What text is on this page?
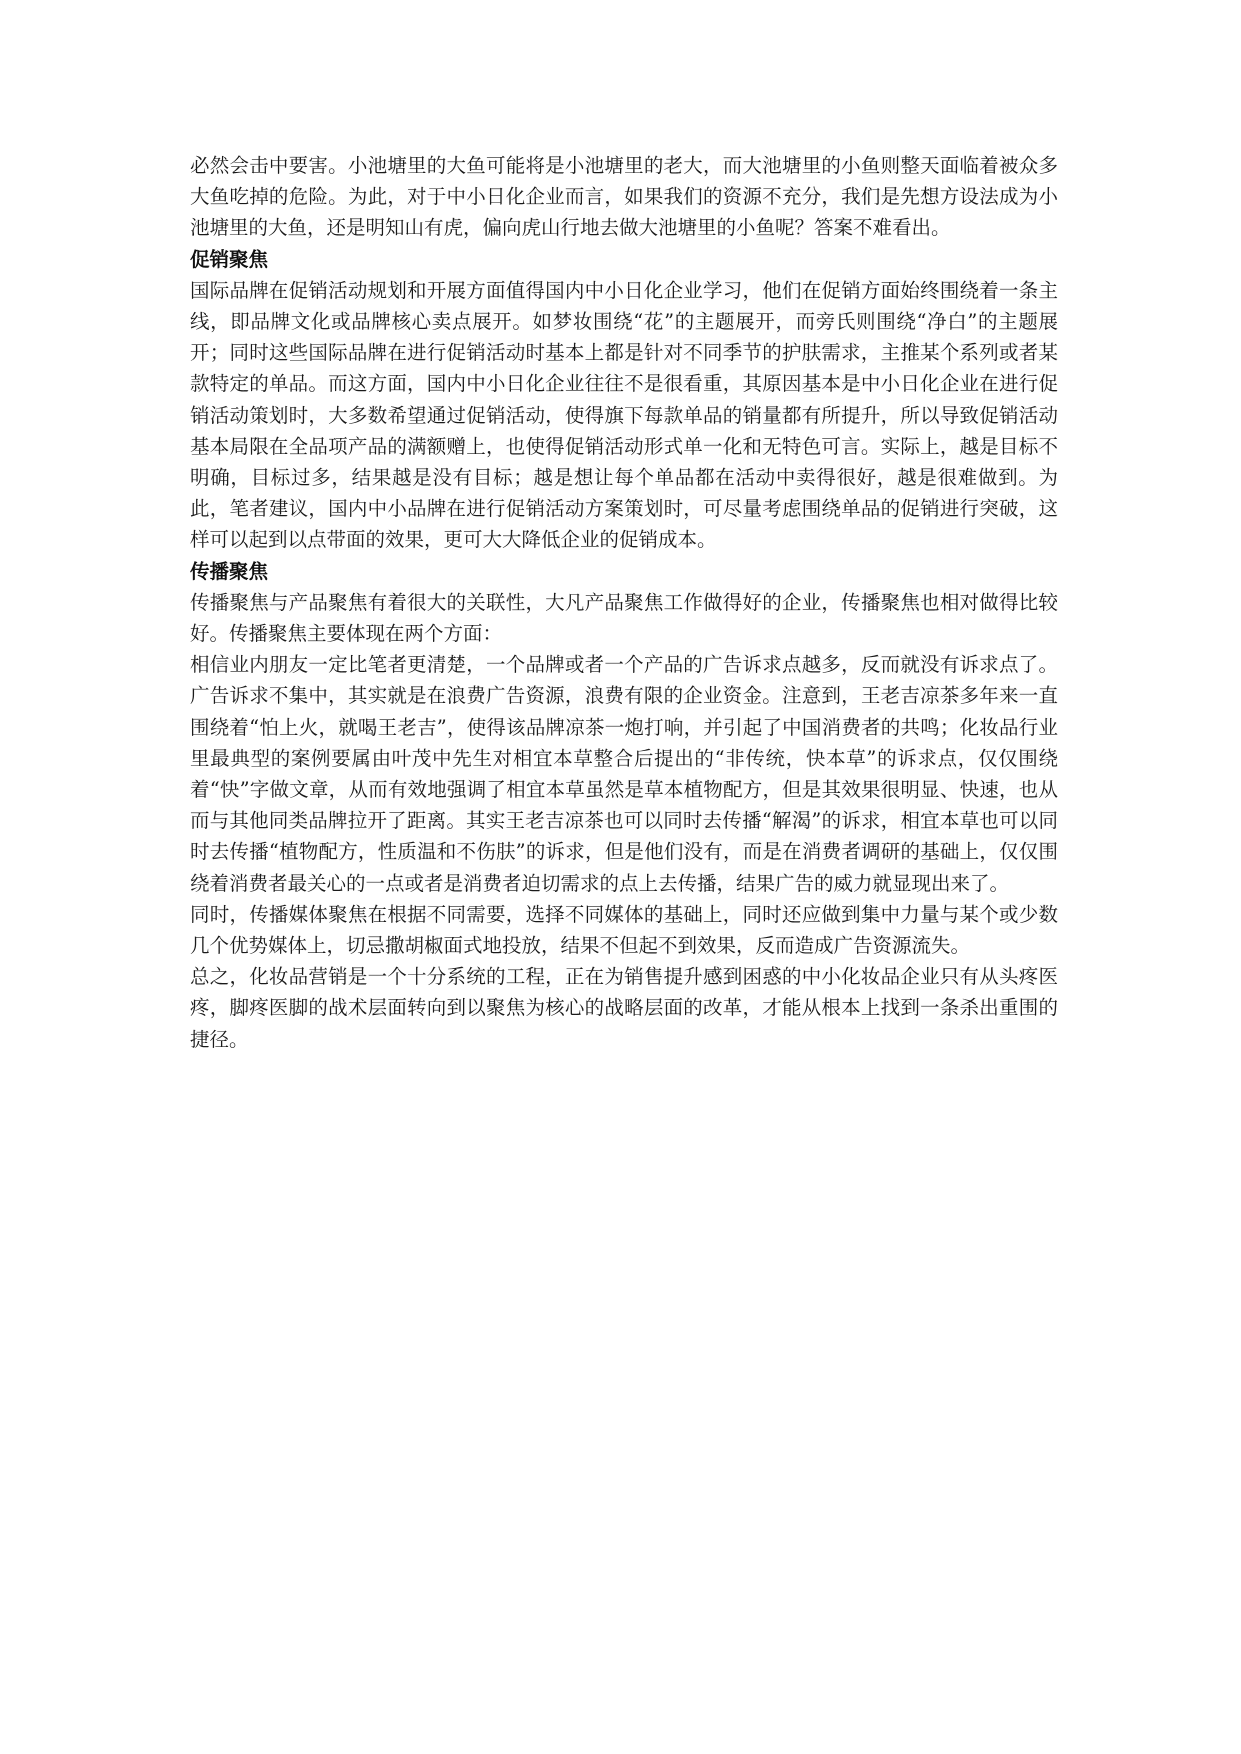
必然会击中要害。小池塘里的大鱼可能将是小池塘里的老大，而大池塘里的小鱼则整天面临着被众多大鱼吃掉的危险。为此，对于中小日化企业而言，如果我们的资源不充分，我们是先想方设法成为小池塘里的大鱼，还是明知山有虎，偏向虎山行地去做大池塘里的小鱼呢？答案不难看出。

促销聚焦

国际品牌在促销活动规划和开展方面值得国内中小日化企业学习，他们在促销方面始终围绕着一条主线，即品牌文化或品牌核心卖点展开。如梦妆围绕“花”的主题展开，而旁氏则围绕“净白”的主题展开；同时这些国际品牌在进行促销活动时基本上都是针对不同季节的护肤需求，主推某个系列或者某款特定的单品。而这方面，国内中小日化企业往往不是很看重，其原因基本是中小日化企业在进行促销活动策划时，大多数希望通过促销活动，使得旗下每款单品的销量都有所提升，所以导致促销活动基本局限在全品项产品的满额赠上，也使得促销活动形式单一化和无特色可言。实际上，越是目标不明确，目标过多，结果越是没有目标；越是想让每个单品都在活动中卖得很好，越是很难做到。为此，笔者建议，国内中小品牌在进行促销活动方案策划时，可尽量考虑围绕单品的促销进行突破，这样可以起到以点带面的效果，更可大大降低企业的促销成本。

传播聚焦

传播聚焦与产品聚焦有着很大的关联性，大凡产品聚焦工作做得好的企业，传播聚焦也相对做得比较好。传播聚焦主要体现在两个方面：

相信业内朋友一定比笔者更清楚，一个品牌或者一个产品的广告诉求点越多，反而就没有诉求点了。广告诉求不集中，其实就是在浪费广告资源，浪费有限的企业资金。注意到，王老吉凉茶多年来一直围绕着“怕上火，就喝王老吉”，使得该品牌凉茶一炮打响，并引起了中国消费者的共鸣；化妆品行业里最典型的案例要属由叶茂中先生对相宜本草整合后提出的“非传统，快本草”的诉求点，仅仅围绕着“快”字做文章，从而有效地强调了相宜本草虽然是草本植物配方，但是其效果很明显、快速，也从而与其他同类品牌拉开了距离。其实王老吉凉茶也可以同时去传播“解渴”的诉求，相宜本草也可以同时去传播“植物配方，性质温和不伤肤”的诉求，但是他们没有，而是在消费者调研的基础上，仅仅围绕着消费者最关心的一点或者是消费者迫切需求的点上去传播，结果广告的威力就显现出来了。

同时，传播媒体聚焦在根据不同需要，选择不同媒体的基础上，同时还应做到集中力量与某个或少数几个优势媒体上，切忌撒胡椒面式地投放，结果不但起不到效果，反而造成广告资源流失。

总之，化妆品营销是一个十分系统的工程，正在为销售提升感到困惑的中小化妆品企业只有从头疼医疼，脚疼医脚的战术层面转向到以聚焦为核心的战略层面的改革，才能从根本上找到一条杀出重围的捷径。
